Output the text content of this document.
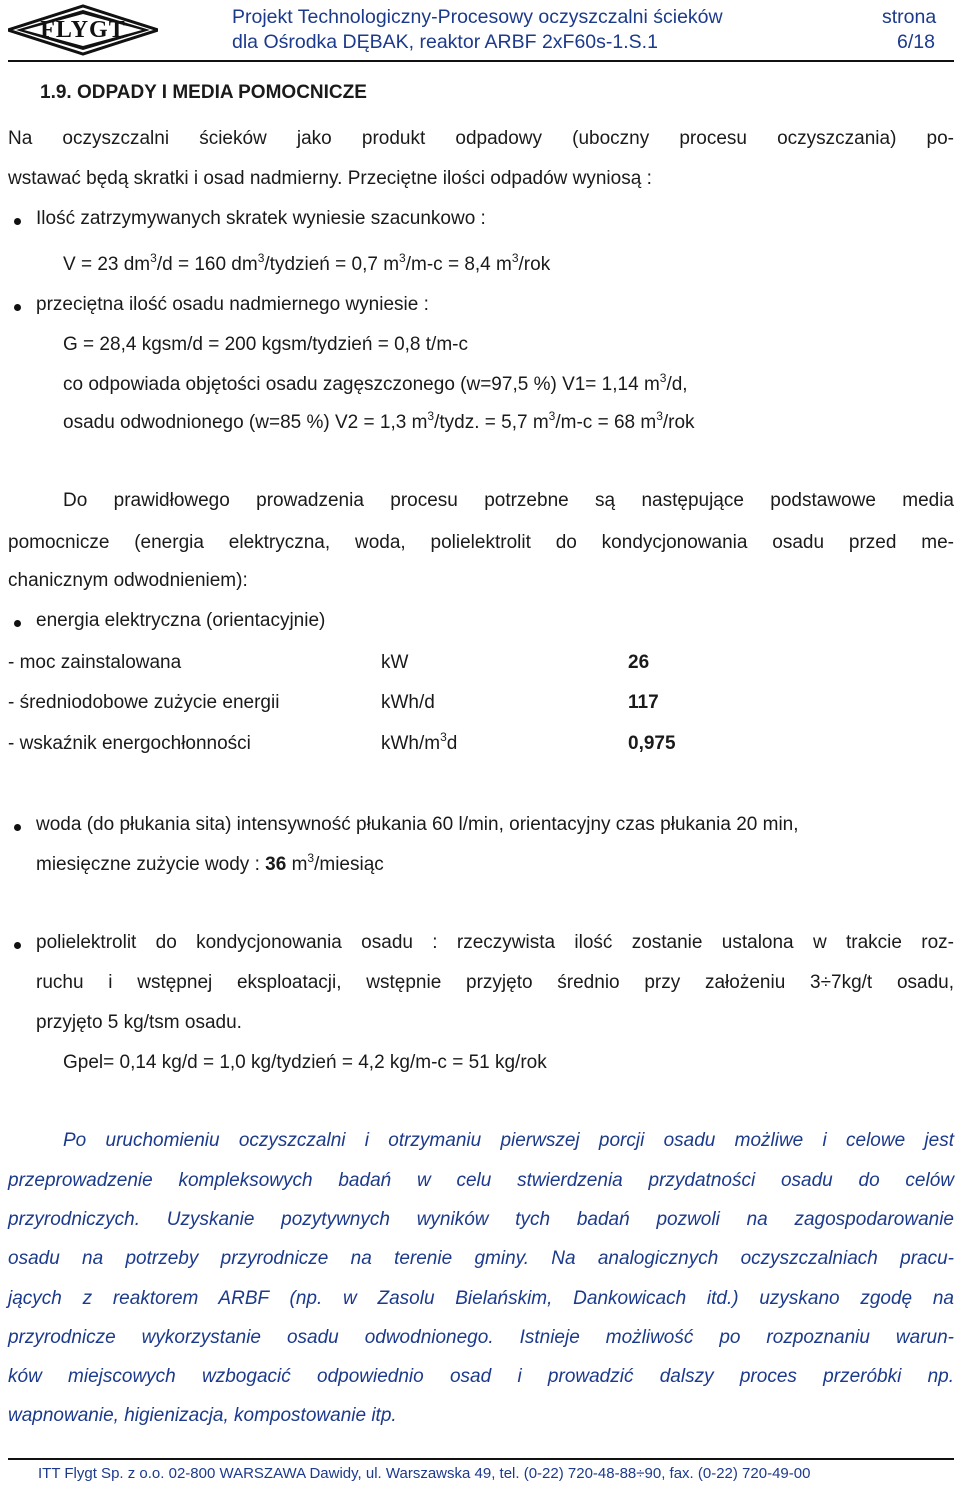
FLYGT	Projekt Technologiczny-Procesowy oczyszczalni ścieków
dla Ośrodka DĘBAK, reaktor ARBF 2xF60s-1.S.1
strona
6/18
1.9. ODPADY I MEDIA POMOCNICZE
Na oczyszczalni ścieków jako produkt odpadowy (uboczny procesu oczyszczania) po-
wstawać będą skratki i osad nadmierny. Przeciętne ilości odpadów wyniosą :
Ilość zatrzymywanych skratek wyniesie szacunkowo :
V = 23 $dm^3/d = 160$ $dm^3$/tydzień = 0,7 $m^3/m-c = 8,4$ $m^3$/rok
przeciętna ilość osadu nadmiernego wyniesie :
G = 28,4 kgsm/d = 200 kgsm/tydzień = 0,8 t/m-c
co odpowiada objętości osadu zagęszczonego (w=97,5 %) V1= 1,14 $m^3/d$,
osadu odwodnionego (w=85 %) V2 = 1,3 $m^3$/tydz. = 5,7 $m^3/m-c = 68$ $m^3$/rok
Do prawidłowego prowadzenia procesu potrzebne są następujące podstawowe media
pomocnicze (energia elektryczna, woda, polielektrolit do kondycjonowania osadu przed me-
chanicznym odwodnieniem):
energia elektryczna (orientacyjnie)
- moc zainstalowana	kW	26
- średniodobowe zużycie energii	kWh/d	117
- wskaźnik energochłonności	kWh/$m^3d$	0,975
woda (do płukania sita) intensywność płukania 60 l/min, orientacyjny czas płukania 20 min,
miesięczne zużycie wody : 36 $m^3$/miesiąc
polielektrolit do kondycjonowania osadu : rzeczywista ilość zostanie ustalona w trakcie roz-
ruchu i wstępnej eksploatacji, wstępnie przyjęto średnio przy założeniu 3÷7kg/t osadu,
przyjęto 5 kg/tsm osadu.
Gpel= 0,14 kg/d = 1,0 kg/tydzień = 4,2 kg/m-c = 51 kg/rok
Po uruchomieniu oczyszczalni i otrzymaniu pierwszej porcji osadu możliwe i celowe jest
przeprowadzenie kompleksowych badań w celu stwierdzenia przydatności osadu do celów
przyrodniczych. Uzyskanie pozytywnych wyników tych badań pozwoli na zagospodarowanie
osadu na potrzeby przyrodnicze na terenie gminy. Na analogicznych oczyszczalniach pracu-
jących z reaktorem ARBF (np. w Zasolu Bielańskim, Dankowicach itd.) uzyskano zgodę na
przyrodnicze wykorzystanie osadu odwodnionego. Istnieje możliwość po rozpoznaniu warun-
ków miejscowych wzbogacić odpowiednio osad i prowadzić dalszy proces przeróbki np.
wapnowanie, higienizacja, kompostowanie itp.
ITT Flygt Sp. z o.o. 02-800 WARSZAWA Dawidy, ul. Warszawska 49, tel. (0-22) 720-48-88÷90, fax. (0-22) 720-49-00
